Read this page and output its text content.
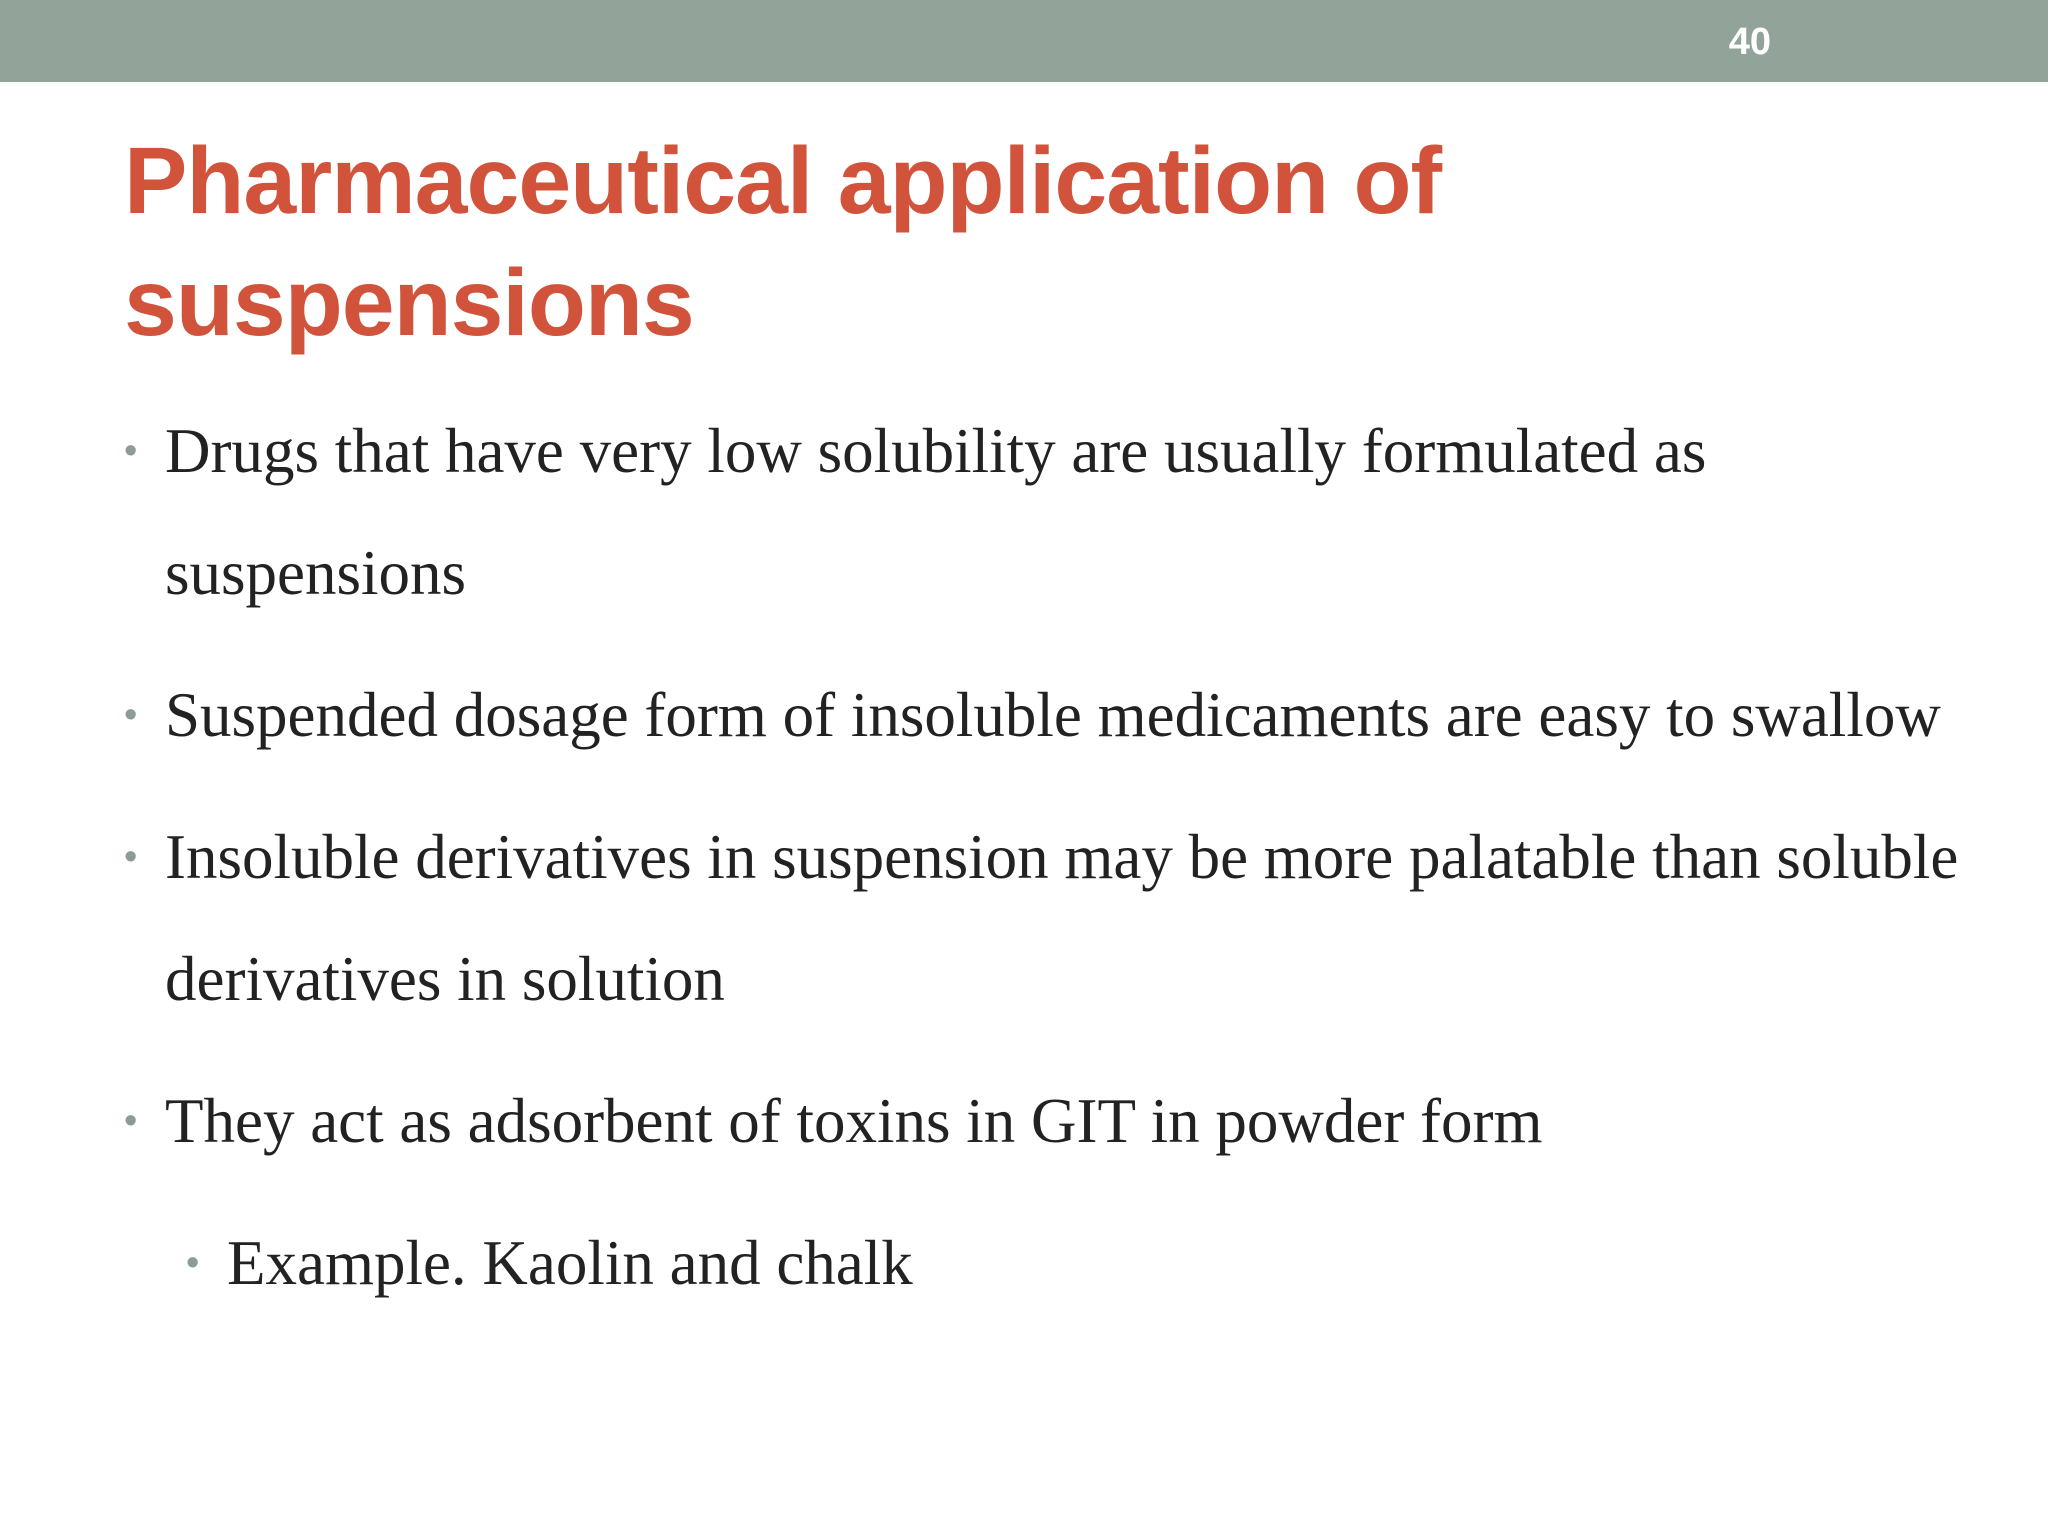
40
Pharmaceutical application of suspensions
• Drugs that have very low solubility are usually formulated as suspensions
• Suspended dosage form of insoluble medicaments are easy to swallow
• Insoluble derivatives in suspension may be more palatable than soluble derivatives in solution
• They act as adsorbent of toxins in GIT in powder form
• Example. Kaolin and chalk
